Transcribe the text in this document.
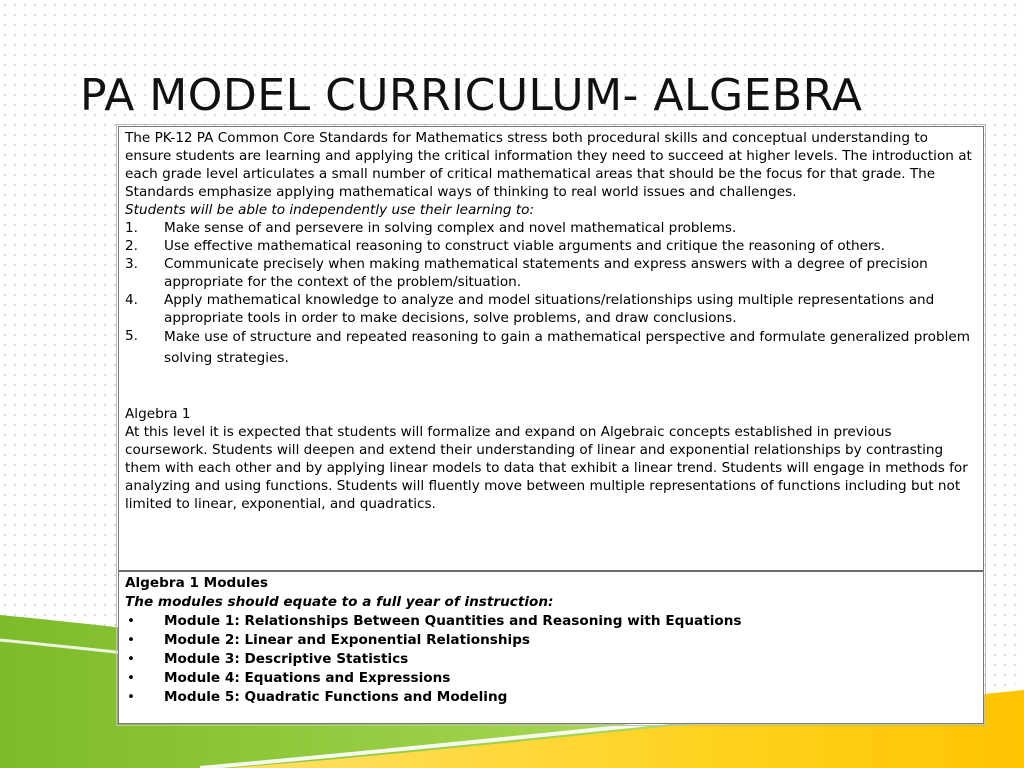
PA MODEL CURRICULUM- ALGEBRA

The PK-12 PA Common Core Standards for Mathematics stress both procedural skills and conceptual understanding to ensure students are learning and applying the critical information they need to succeed at higher levels. The introduction at each grade level articulates a small number of critical mathematical areas that should be the focus for that grade. The Standards emphasize applying mathematical ways of thinking to real world issues and challenges.

Students will be able to independently use their learning to:

1. Make sense of and persevere in solving complex and novel mathematical problems.
2. Use effective mathematical reasoning to construct viable arguments and critique the reasoning of others.
3. Communicate precisely when making mathematical statements and express answers with a degree of precision appropriate for the context of the problem/situation.
4. Apply mathematical knowledge to analyze and model situations/relationships using multiple representations and appropriate tools in order to make decisions, solve problems, and draw conclusions.
5. Make use of structure and repeated reasoning to gain a mathematical perspective and formulate generalized problem solving strategies.

Algebra 1

At this level it is expected that students will formalize and expand on Algebraic concepts established in previous coursework. Students will deepen and extend their understanding of linear and exponential relationships by contrasting them with each other and by applying linear models to data that exhibit a linear trend. Students will engage in methods for analyzing and using functions. Students will fluently move between multiple representations of functions including but not limited to linear, exponential, and quadratics.

Algebra 1 Modules

The modules should equate to a full year of instruction:

• Module 1: Relationships Between Quantities and Reasoning with Equations
• Module 2: Linear and Exponential Relationships
• Module 3: Descriptive Statistics
• Module 4: Equations and Expressions
• Module 5: Quadratic Functions and Modeling
